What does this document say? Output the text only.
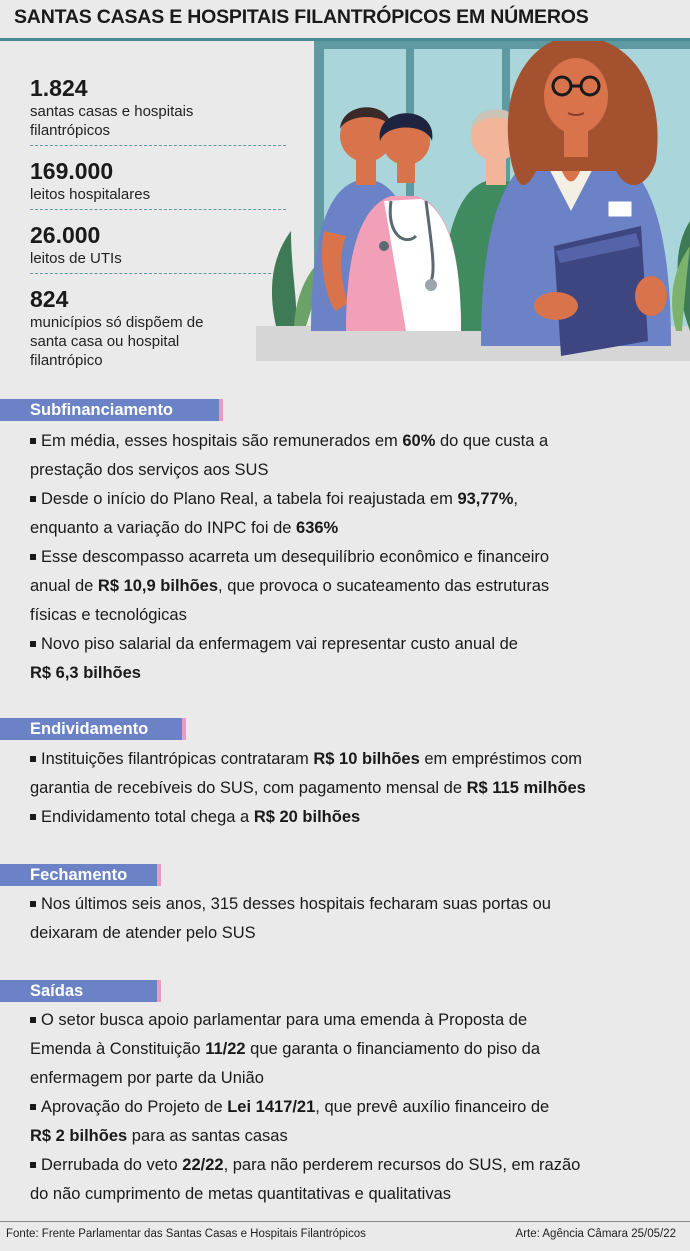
SANTAS CASAS E HOSPITAIS FILANTRÓPICOS EM NÚMEROS
1.824
santas casas e hospitais
filantrópicos
169.000
leitos hospitalares
26.000
leitos de UTIs
824
municípios só dispõem de
santa casa ou hospital
filantrópico
Subfinanciamento
Em média, esses hospitais são remunerados em 60% do que custa a
prestação dos serviços aos SUS
Desde o início do Plano Real, a tabela foi reajustada em 93,77%,
enquanto a variação do INPC foi de 636%
Esse descompasso acarreta um desequilíbrio econômico e financeiro
anual de R$ 10,9 bilhões, que provoca o sucateamento das estruturas
físicas e tecnológicas
Novo piso salarial da enfermagem vai representar custo anual de
R$ 6,3 bilhões
Endividamento
Instituições filantrópicas contrataram R$ 10 bilhões em empréstimos com
garantia de recebíveis do SUS, com pagamento mensal de R$ 115 milhões
Endividamento total chega a R$ 20 bilhões
Fechamento
Nos últimos seis anos, 315 desses hospitais fecharam suas portas ou
deixaram de atender pelo SUS
Saídas
O setor busca apoio parlamentar para uma emenda à Proposta de
Emenda à Constituição 11/22 que garanta o financiamento do piso da
enfermagem por parte da União
Aprovação do Projeto de Lei 1417/21, que prevê auxílio financeiro de
R$ 2 bilhões para as santas casas
Derrubada do veto 22/22, para não perderem recursos do SUS, em razão
do não cumprimento de metas quantitativas e qualitativas
Fonte: Frente Parlamentar das Santas Casas e Hospitais Filantrópicos	Arte: Agência Câmara 25/05/22
